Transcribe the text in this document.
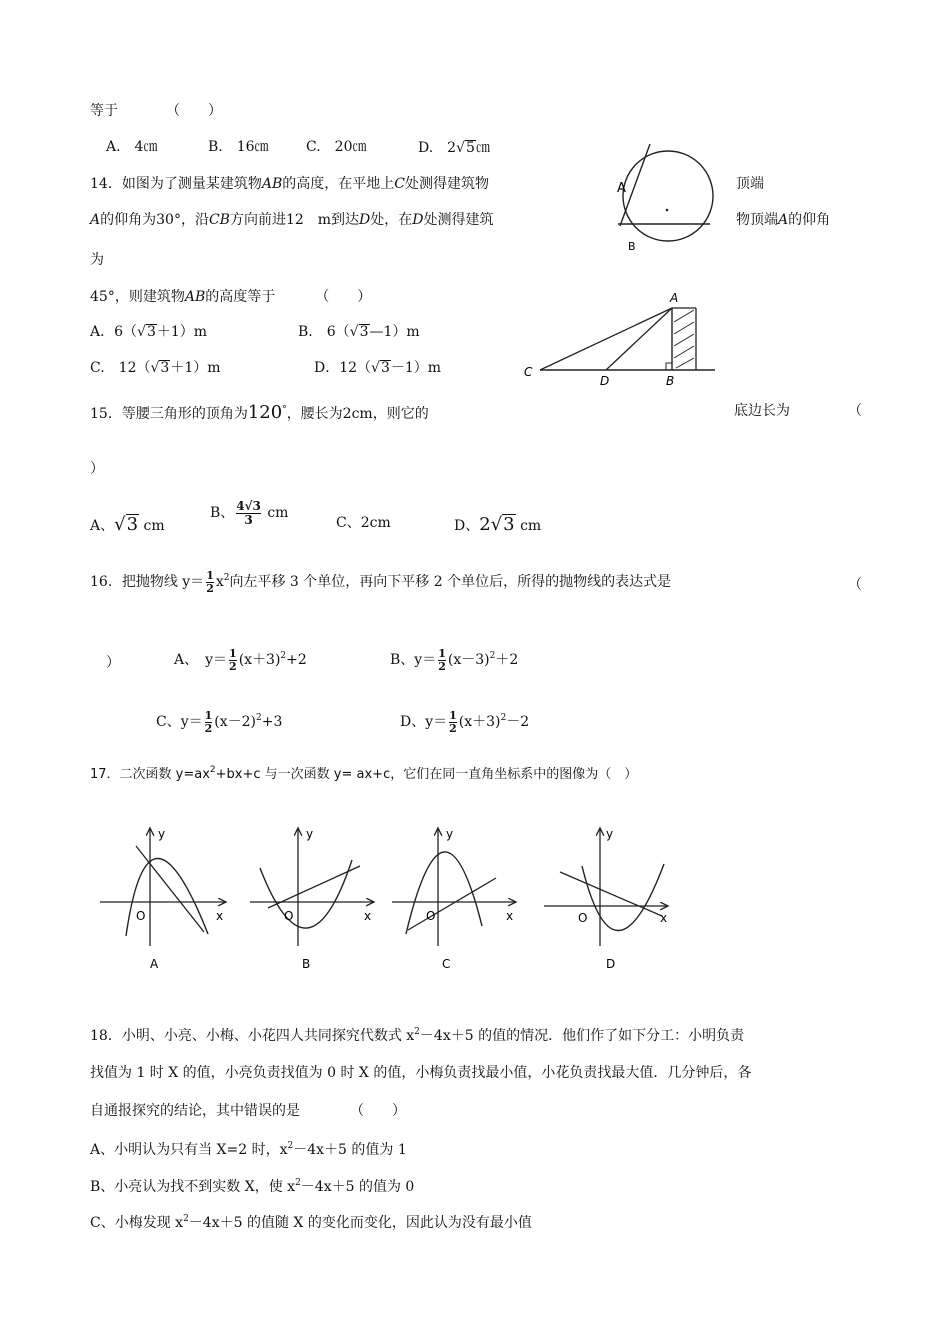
等于	（　　）
A.　4㎝	B.　16㎝	C.　20㎝	D.　2√5㎝
14．如图为了测量某建筑物AB的高度，在平地上C处测得建筑物	顶端
A的仰角为30°，沿CB方向前进12　m到达D处，在D处测得建筑	物顶端A的仰角
为
45°，则建筑物AB的高度等于	（　　）
A．6（√3＋1）m	B.　6（√3—1）m
C.　12（√3＋1）m	D．12（√3－1）m
A
B
A
B
C
D
15．等腰三角形的顶角为120°，腰长为2cm，则它的	底边长为	（
）
A、√3 cm
B、 $\frac{4√3}{3}$ cm
C、2cm	D、2√3 cm
16．把抛物线 $y= \frac{1}{2} x^2$向左平移 3 个单位，再向下平移 2 个单位后，所得的抛物线的表达式是	（
）	A、　$y= \frac{1}{2} (x+3)^2+2$	B、$y= \frac{1}{2} (x-3)^2+2$
C、$y= \frac{1}{2} (x-2)^2+3$	D、$y= \frac{1}{2} (x+3)^2-2$
17．二次函数 $y=ax^2+bx+c$ 与一次函数 y= ax+c，它们在同一直角坐标系中的图像为（　）
y
x
O
A
y
x
O
B
y
x
O
C
y
x
O
D
18．小明、小亮、小梅、小花四人共同探究代数式 $x^2-4x+5$ 的值的情况．他们作了如下分工：小明负责
找值为 1 时 X 的值，小亮负责找值为 0 时 X 的值，小梅负责找最小值，小花负责找最大值．几分钟后，各
自通报探究的结论，其中错误的是	（　　）
A、小明认为只有当 X=2 时，$x^2-4x+5$ 的值为 1
B、小亮认为找不到实数 X，使 $x^2-4x+5$ 的值为 0
C、小梅发现 $x^2-4x+5$ 的值随 X 的变化而变化，因此认为没有最小值
